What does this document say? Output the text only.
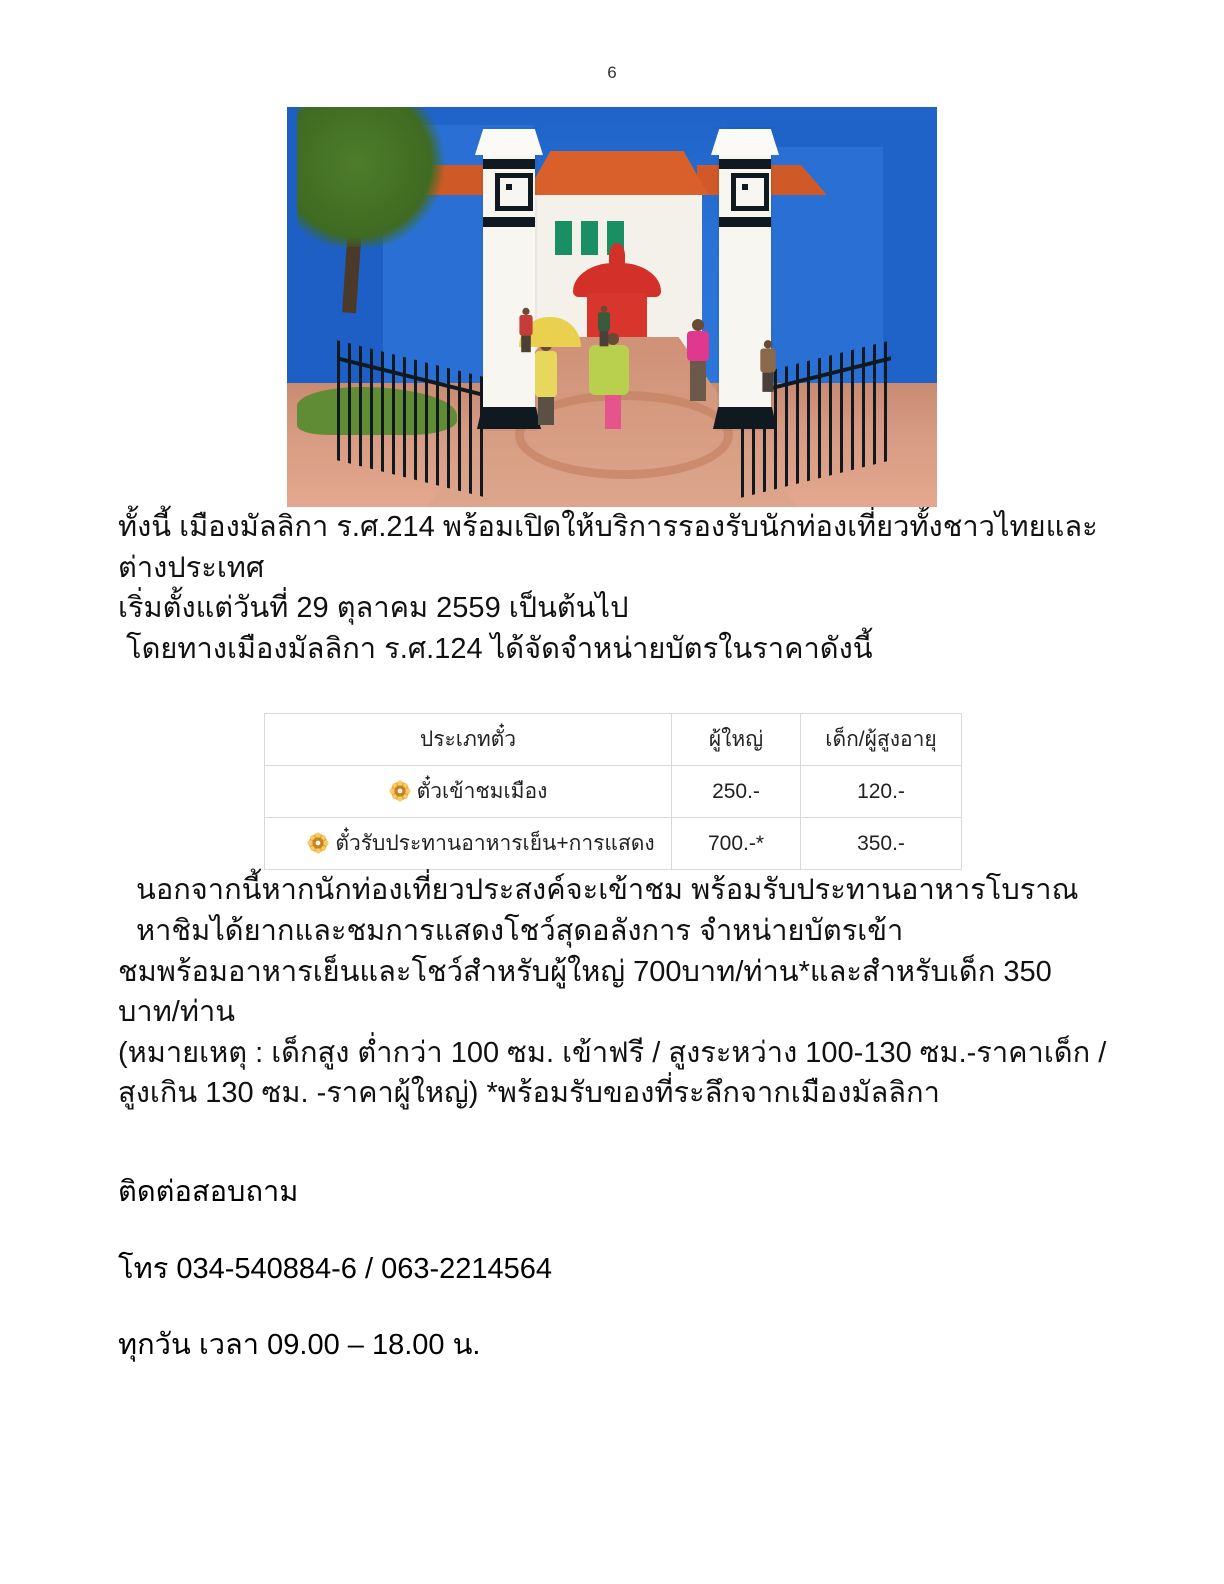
6

ทั้งนี้ เมืองมัลลิกา ร.ศ.214 พร้อมเปิดให้บริการรองรับนักท่องเที่ยวทั้งชาวไทยและต่างประเทศ

เริ่มตั้งแต่วันที่ 29 ตุลาคม 2559 เป็นต้นไป

โดยทางเมืองมัลลิกา ร.ศ.124 ได้จัดจำหน่ายบัตรในราคาดังนี้

ประเภทตั๋ว	ผู้ใหญ่	เด็ก/ผู้สูงอายุ
ตั๋วเข้าชมเมือง	250.-	120.-
ตั๋วรับประทานอาหารเย็น+การแสดง	700.-*	350.-

นอกจากนี้หากนักท่องเที่ยวประสงค์จะเข้าชม พร้อมรับประทานอาหารโบราณหาชิมได้ยากและชมการแสดงโชว์สุดอลังการ จำหน่ายบัตรเข้า

ชมพร้อมอาหารเย็นและโชว์สำหรับผู้ใหญ่ 700บาท/ท่าน*และสำหรับเด็ก 350 บาท/ท่าน

(หมายเหตุ : เด็กสูง ต่ำกว่า 100 ซม. เข้าฟรี / สูงระหว่าง 100-130 ซม.-ราคาเด็ก / สูงเกิน 130 ซม. -ราคาผู้ใหญ่) *พร้อมรับของที่ระลึกจากเมืองมัลลิกา

ติดต่อสอบถาม

โทร 034-540884-6 / 063-2214564

ทุกวัน เวลา 09.00 – 18.00 น.
